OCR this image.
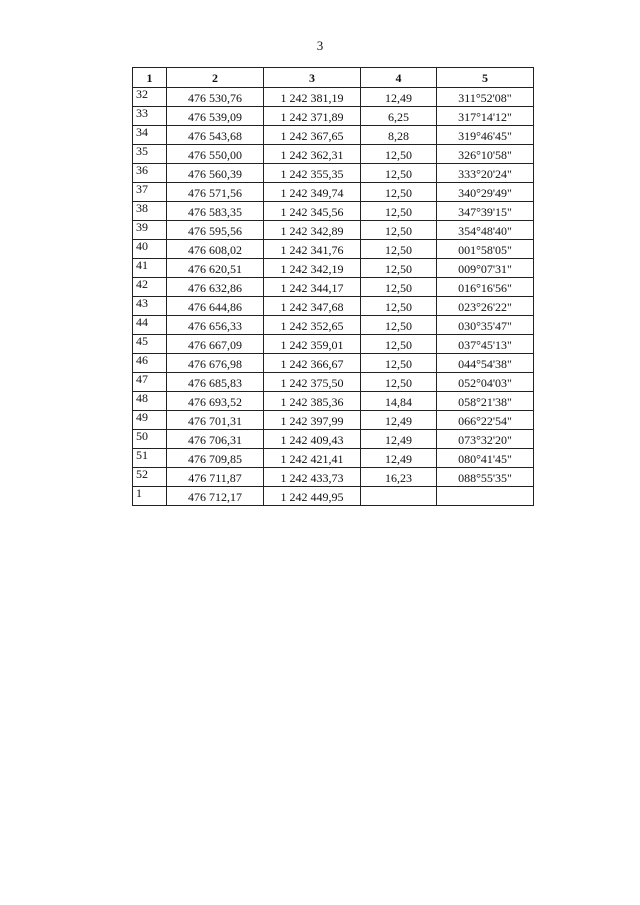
3
1	2	3	4	5
32	476 530,76	1 242 381,19	12,49	311°52'08"
33	476 539,09	1 242 371,89	6,25	317°14'12"
34	476 543,68	1 242 367,65	8,28	319°46'45"
35	476 550,00	1 242 362,31	12,50	326°10'58"
36	476 560,39	1 242 355,35	12,50	333°20'24"
37	476 571,56	1 242 349,74	12,50	340°29'49"
38	476 583,35	1 242 345,56	12,50	347°39'15"
39	476 595,56	1 242 342,89	12,50	354°48'40"
40	476 608,02	1 242 341,76	12,50	001°58'05"
41	476 620,51	1 242 342,19	12,50	009°07'31"
42	476 632,86	1 242 344,17	12,50	016°16'56"
43	476 644,86	1 242 347,68	12,50	023°26'22"
44	476 656,33	1 242 352,65	12,50	030°35'47"
45	476 667,09	1 242 359,01	12,50	037°45'13"
46	476 676,98	1 242 366,67	12,50	044°54'38"
47	476 685,83	1 242 375,50	12,50	052°04'03"
48	476 693,52	1 242 385,36	14,84	058°21'38"
49	476 701,31	1 242 397,99	12,49	066°22'54"
50	476 706,31	1 242 409,43	12,49	073°32'20"
51	476 709,85	1 242 421,41	12,49	080°41'45"
52	476 711,87	1 242 433,73	16,23	088°55'35"
1	476 712,17	1 242 449,95		
